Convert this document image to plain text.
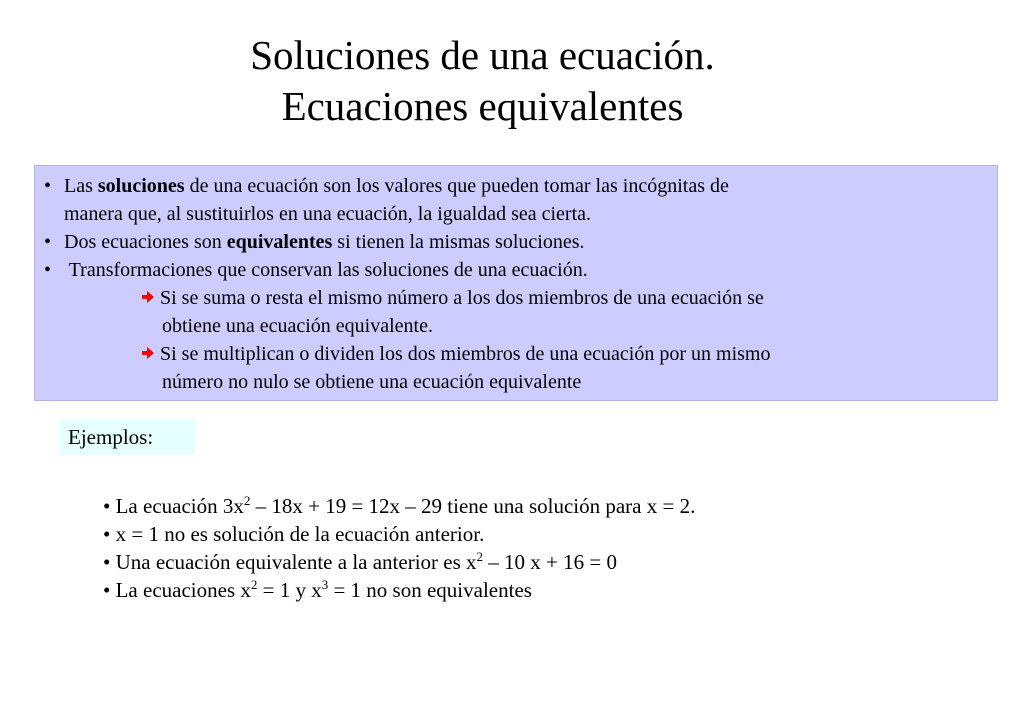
Soluciones de una ecuación.
Ecuaciones equivalentes
• Las soluciones de una ecuación son los valores que pueden tomar las incógnitas de
manera que, al sustituirlos en una ecuación, la igualdad sea cierta.
• Dos ecuaciones son equivalentes si tienen la mismas soluciones.
• Transformaciones que conservan las soluciones de una ecuación.
Si se suma o resta el mismo número a los dos miembros de una ecuación se
obtiene una ecuación equivalente.
Si se multiplican o dividen los dos miembros de una ecuación por un mismo
número no nulo se obtiene una ecuación equivalente
Ejemplos:
• La ecuación $3x^2 - 18x + 19 = 12x - 29$ tiene una solución para x = 2.
• x = 1 no es solución de la ecuación anterior.
• Una ecuación equivalente a la anterior es $x^2 - 10$ x + 16 = 0
• La ecuaciones $x^2 = 1$ y $x^3 = 1$ no son equivalentes
